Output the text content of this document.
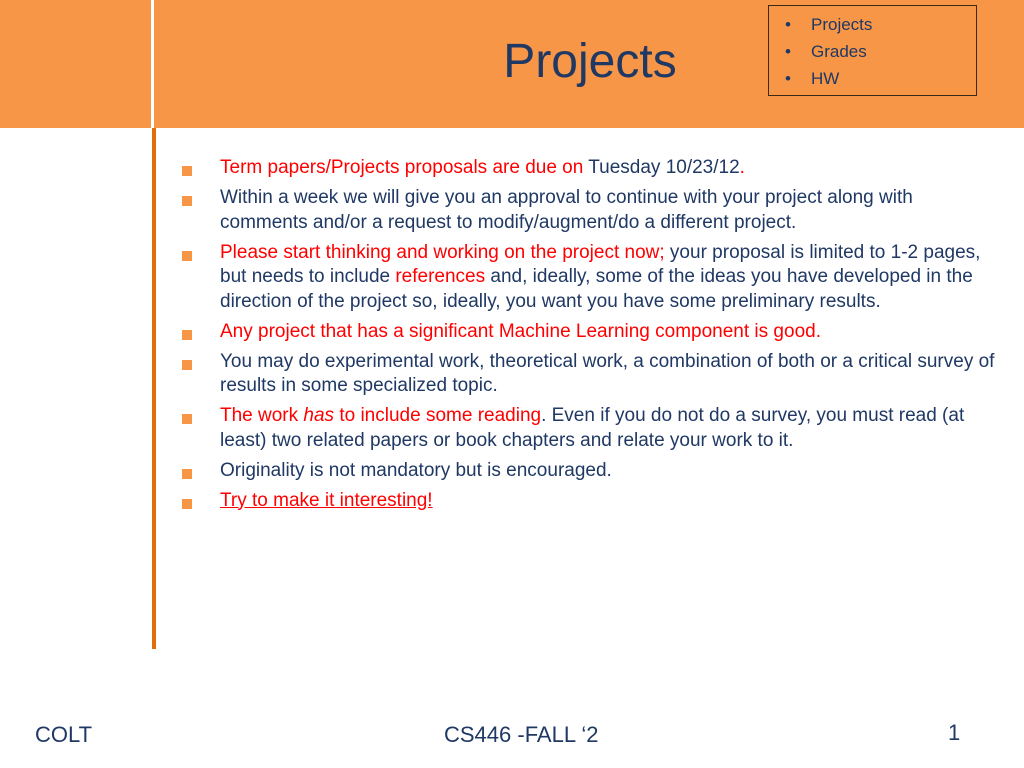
Projects
• Projects
• Grades
• HW
Term papers/Projects proposals are due on Tuesday 10/23/12.
Within a week we will give you an approval to continue with your project along with comments and/or a request to modify/augment/do a different project.
Please start thinking and working on the project now; your proposal is limited to 1-2 pages, but needs to include references and, ideally, some of the ideas you have developed in the direction of the project so, ideally, you want you have some preliminary results.
Any project that has a significant Machine Learning component is good.
You may do experimental work, theoretical work, a combination of both or a critical survey of results in some specialized topic.
The work has to include some reading. Even if you do not do a survey, you must read (at least) two related papers or book chapters and relate your work to it.
Originality is not mandatory but is encouraged.
Try to make it interesting!
COLT	CS446 -FALL ‘2	1
